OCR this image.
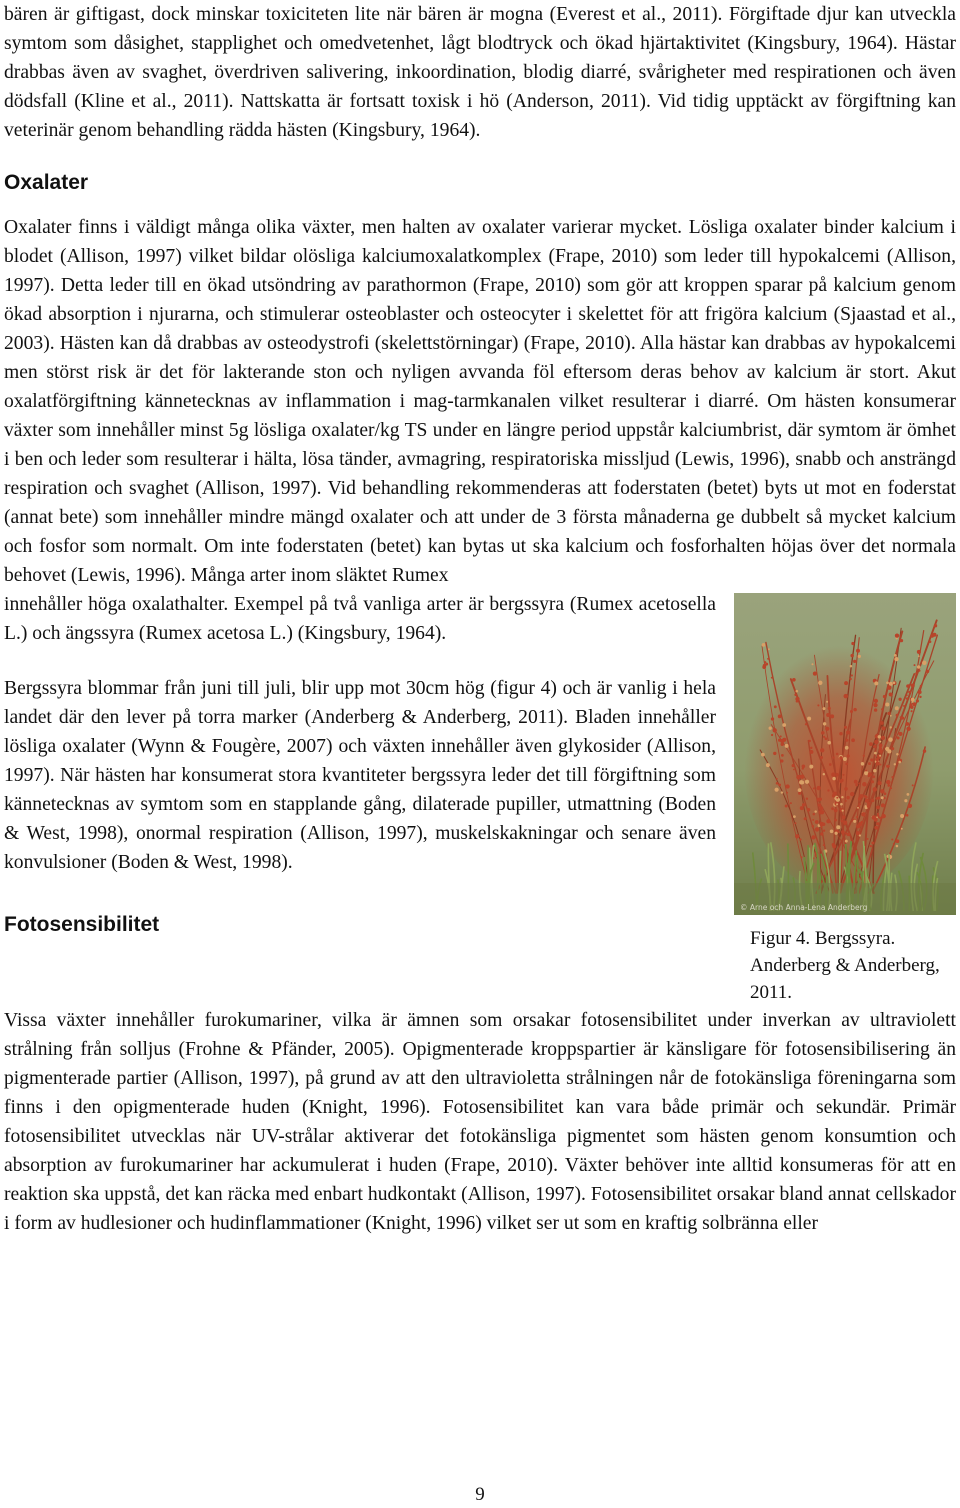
bären är giftigast, dock minskar toxiciteten lite när bären är mogna (Everest et al., 2011). Förgiftade djur kan utveckla symtom som dåsighet, stapplighet och omedvetenhet, lågt blodtryck och ökad hjärtaktivitet (Kingsbury, 1964). Hästar drabbas även av svaghet, överdriven salivering, inkoordination, blodig diarré, svårigheter med respirationen och även dödsfall (Kline et al., 2011). Nattskatta är fortsatt toxisk i hö (Anderson, 2011). Vid tidig upptäckt av förgiftning kan veterinär genom behandling rädda hästen (Kingsbury, 1964).

Oxalater

Oxalater finns i väldigt många olika växter, men halten av oxalater varierar mycket. Lösliga oxalater binder kalcium i blodet (Allison, 1997) vilket bildar olösliga kalciumoxalatkomplex (Frape, 2010) som leder till hypokalcemi (Allison, 1997). Detta leder till en ökad utsöndring av parathormon (Frape, 2010) som gör att kroppen sparar på kalcium genom ökad absorption i njurarna, och stimulerar osteoblaster och osteocyter i skelettet för att frigöra kalcium (Sjaastad et al., 2003). Hästen kan då drabbas av osteodystrofi (skelettstörningar) (Frape, 2010). Alla hästar kan drabbas av hypokalcemi men störst risk är det för lakterande ston och nyligen avvanda föl eftersom deras behov av kalcium är stort. Akut oxalatförgiftning kännetecknas av inflammation i mag-tarmkanalen vilket resulterar i diarré. Om hästen konsumerar växter som innehåller minst 5g lösliga oxalater/kg TS under en längre period uppstår kalciumbrist, där symtom är ömhet i ben och leder som resulterar i hälta, lösa tänder, avmagring, respiratoriska missljud (Lewis, 1996), snabb och ansträngd respiration och svaghet (Allison, 1997). Vid behandling rekommenderas att foderstaten (betet) byts ut mot en foderstat (annat bete) som innehåller mindre mängd oxalater och att under de 3 första månaderna ge dubbelt så mycket kalcium och fosfor som normalt. Om inte foderstaten (betet) kan bytas ut ska kalcium och fosforhalten höjas över det normala behovet (Lewis, 1996). Många arter inom släktet Rumex

© Arne och Anna-Lena Anderberg
Figur 4. Bergssyra. Anderberg & Anderberg, 2011.

innehåller höga oxalathalter. Exempel på två vanliga arter är bergssyra (Rumex acetosella L.) och ängssyra (Rumex acetosa L.) (Kingsbury, 1964).

Bergssyra blommar från juni till juli, blir upp mot 30cm hög (figur 4) och är vanlig i hela landet där den lever på torra marker (Anderberg & Anderberg, 2011). Bladen innehåller lösliga oxalater (Wynn & Fougère, 2007) och växten innehåller även glykosider (Allison, 1997). När hästen har konsumerat stora kvantiteter bergssyra leder det till förgiftning som kännetecknas av symtom som en stapplande gång, dilaterade pupiller, utmattning (Boden & West, 1998), onormal respiration (Allison, 1997), muskelskakningar och senare även konvulsioner (Boden & West, 1998).

Fotosensibilitet

Vissa växter innehåller furokumariner, vilka är ämnen som orsakar fotosensibilitet under inverkan av ultraviolett strålning från solljus (Frohne & Pfänder, 2005). Opigmenterade kroppspartier är känsligare för fotosensibilisering än pigmenterade partier (Allison, 1997), på grund av att den ultravioletta strålningen når de fotokänsliga föreningarna som finns i den opigmenterade huden (Knight, 1996). Fotosensibilitet kan vara både primär och sekundär. Primär fotosensibilitet utvecklas när UV-strålar aktiverar det fotokänsliga pigmentet som hästen genom konsumtion och absorption av furokumariner har ackumulerat i huden (Frape, 2010). Växter behöver inte alltid konsumeras för att en reaktion ska uppstå, det kan räcka med enbart hudkontakt (Allison, 1997). Fotosensibilitet orsakar bland annat cellskador i form av hudlesioner och hudinflammationer (Knight, 1996) vilket ser ut som en kraftig solbränna eller

9
